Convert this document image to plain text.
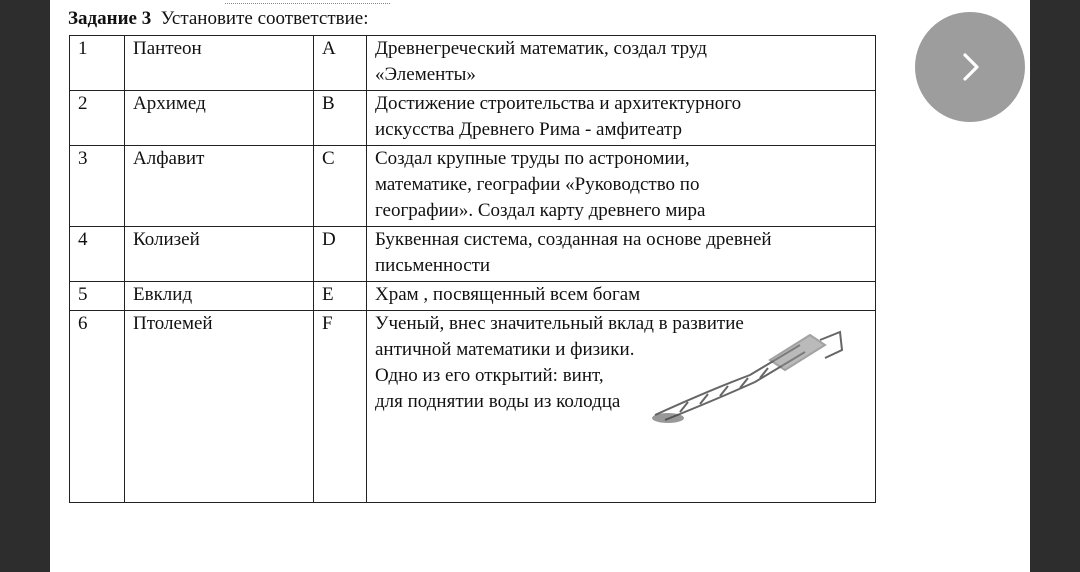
Задание 3 Установите соответствие:
1	Пантеон	A	Древнегреческий математик, создал труд
«Элементы»

2	Архимед	B	Достижение строительства и архитектурного
искусства Древнего Рима - амфитеатр

3	Алфавит	C	Создал крупные труды по астрономии,
математике, географии «Руководство по
географии». Создал карту древнего мира

4	Колизей	D	Буквенная система, созданная на основе древней
письменности

5	Евклид	E	Храм , посвященный всем богам

6	Птолемей	F	Ученый, внес значительный вклад в развитие
античной математики и физики.
Одно из его открытий: винт,
для поднятии воды из колодца
